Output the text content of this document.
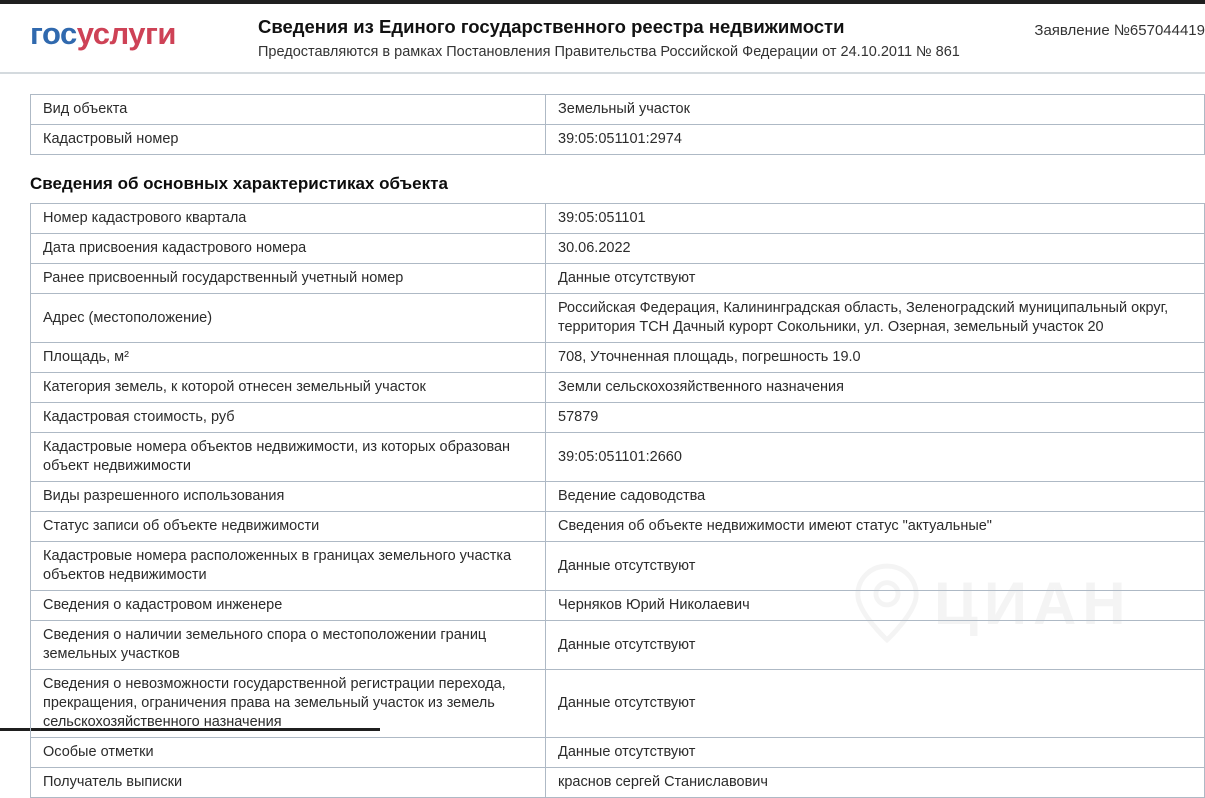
госуслуги	Сведения из Единого государственного реестра недвижимости
Предоставляются в рамках Постановления Правительства Российской Федерации от 24.10.2011 № 861
Заявление №657044419
ЦИАН
Вид объекта	Земельный участок
Кадастровый номер	39:05:051101:2974
Сведения об основных характеристиках объекта
Номер кадастрового квартала	39:05:051101
Дата присвоения кадастрового номера	30.06.2022
Ранее присвоенный государственный учетный номер	Данные отсутствуют
Адрес (местоположение)	Российская Федерация, Калининградская область, Зеленоградский муниципальный округ, территория ТСН Дачный курорт Сокольники, ул. Озерная, земельный участок 20
Площадь, м²	708, Уточненная площадь, погрешность 19.0
Категория земель, к которой отнесен земельный участок	Земли сельскохозяйственного назначения
Кадастровая стоимость, руб	57879
Кадастровые номера объектов недвижимости, из которых образован объект недвижимости	39:05:051101:2660
Виды разрешенного использования	Ведение садоводства
Статус записи об объекте недвижимости	Сведения об объекте недвижимости имеют статус "актуальные"
Кадастровые номера расположенных в границах земельного участка объектов недвижимости	Данные отсутствуют
Сведения о кадастровом инженере	Черняков Юрий Николаевич
Сведения о наличии земельного спора о местоположении границ земельных участков	Данные отсутствуют
Сведения о невозможности государственной регистрации перехода, прекращения, ограничения права на земельный участок из земель сельскохозяйственного назначения	Данные отсутствуют
Особые отметки	Данные отсутствуют
Получатель выписки	краснов сергей Станиславович
